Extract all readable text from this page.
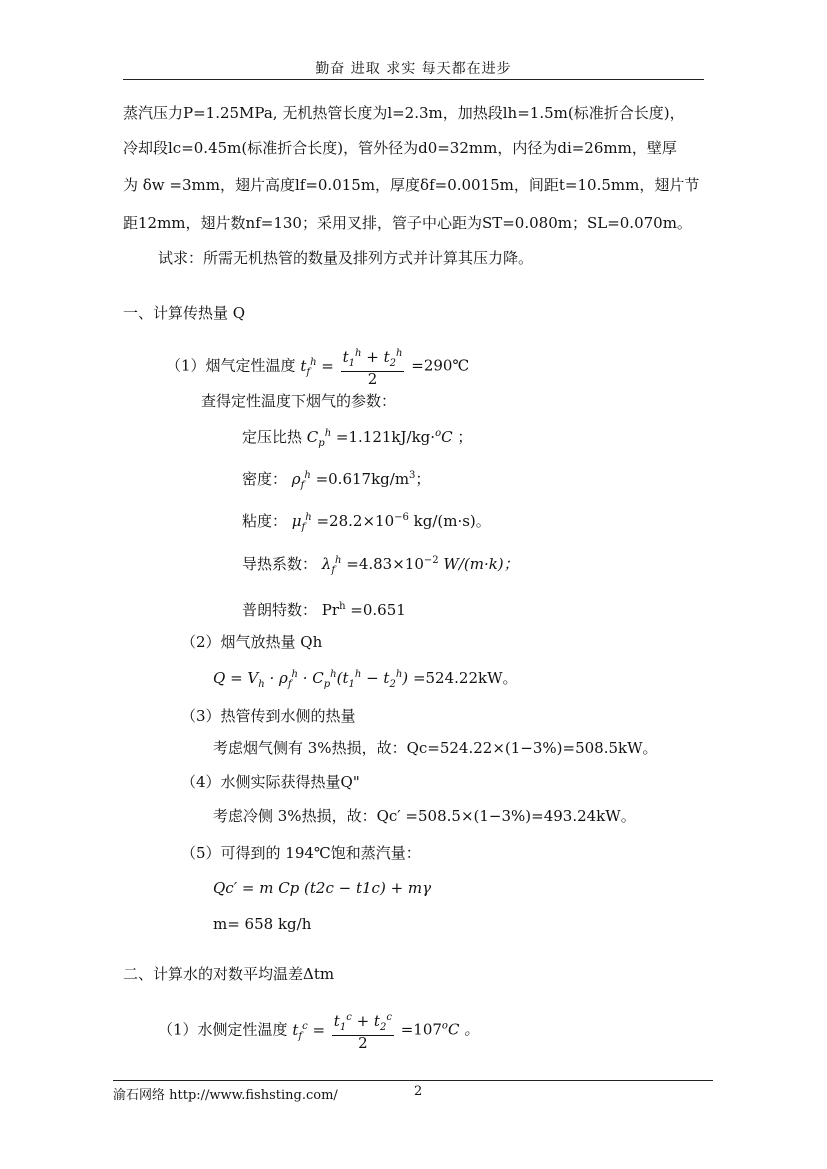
勤奋 进取 求实 每天都在进步
蒸汽压力P=1.25MPa, 无机热管长度为l=2.3m，加热段lh=1.5m(标准折合长度)，
冷却段lc=0.45m(标准折合长度)，管外径为d0=32mm，内径为di=26mm，壁厚
为 δw =3mm，翅片高度lf=0.015m，厚度δf=0.0015m，间距t=10.5mm，翅片节
距12mm，翅片数nf=130；采用叉排，管子中心距为ST=0.080m；SL=0.070m。
试求：所需无机热管的数量及排列方式并计算其压力降。
一、计算传热量 Q
（1）烟气定性温度 $t_f^h = \frac{t_1^h + t_2^h}{2}$ =290℃
查得定性温度下烟气的参数：
定压比热 $C_p^h =1.121kJ/kg\cdot^oC$ ；
密度： $\rho_f^h =0.617kg/m^3$；
粘度： $\mu_f^h =28.2\times 10^{-6}$ kg/(m·s)。
导热系数： $\lambda_f^h =4.83\times 10^{-2}$ W/(m·k)；
普朗特数： $Pr^h =0.651$
（2）烟气放热量 Qh
$Q = V_h \cdot \rho_f^h \cdot C_p^h(t_1^h - t_2^h) =524.22kW$。
（3）热管传到水侧的热量
考虑烟气侧有 3%热损，故：Qc=524.22×(1−3%)=508.5kW。
（4）水侧实际获得热量Q"
考虑冷侧 3%热损，故：Qc′ =508.5×(1−3%)=493.24kW。
（5）可得到的 194℃饱和蒸汽量：
Qc′ = m Cp (t2c − t1c) + mγ
m= 658 kg/h
二、计算水的对数平均温差Δtm
（1）水侧定性温度 $t_f^c = \frac{t_1^c + t_2^c}{2} =107^oC$ 。
渝石网络 http://www.fishsting.com/	2
